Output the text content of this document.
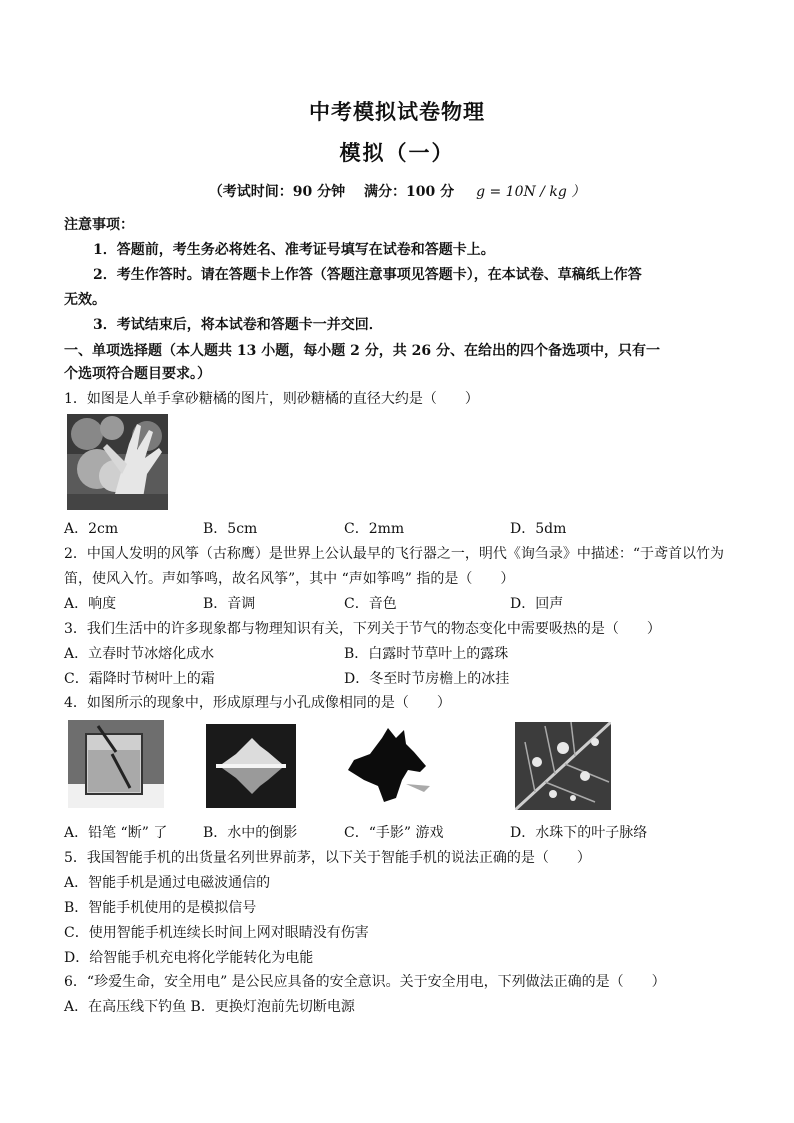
中考模拟试卷物理
模拟（一）
（考试时间：90 分钟　 满分：100 分 g = 10N / kg ）
注意事项：
1．答题前，考生务必将姓名、准考证号填写在试卷和答题卡上。
2．考生作答时。请在答题卡上作答（答题注意事项见答题卡），在本试卷、草稿纸上作答
无效。
3．考试结束后，将本试卷和答题卡一并交回．
一、单项选择题（本人题共 13 小题，每小题 2 分，共 26 分、在给出的四个备选项中，只有一
个选项符合题目要求。）
1．如图是人单手拿砂糖橘的图片，则砂糖橘的直径大约是（　　）
A．2cm	B．5cm	C．2mm	D．5dm
2．中国人发明的风筝（古称鹰）是世界上公认最早的飞行器之一，明代《询刍录》中描述：“于鸢首以竹为
笛，使风入竹。声如筝鸣，故名风筝”，其中 “声如筝鸣” 指的是（　　）
A．响度	B．音调	C．音色	D．回声
3．我们生活中的许多现象都与物理知识有关，下列关于节气的物态变化中需要吸热的是（　　）
A．立春时节冰熔化成水	B．白露时节草叶上的露珠
C．霜降时节树叶上的霜	D．冬至时节房檐上的冰挂
4．如图所示的现象中，形成原理与小孔成像相同的是（　　）
A．铅笔 “断” 了	B．水中的倒影	C．“手影” 游戏	D．水珠下的叶子脉络
5．我国智能手机的出货量名列世界前茅，以下关于智能手机的说法正确的是（　　）
A．智能手机是通过电磁波通信的
B．智能手机使用的是模拟信号
C．使用智能手机连续长时间上网对眼睛没有伤害
D．给智能手机充电将化学能转化为电能
6．“珍爱生命，安全用电” 是公民应具备的安全意识。关于安全用电，下列做法正确的是（　　）
A．在高压线下钓鱼 B．更换灯泡前先切断电源
